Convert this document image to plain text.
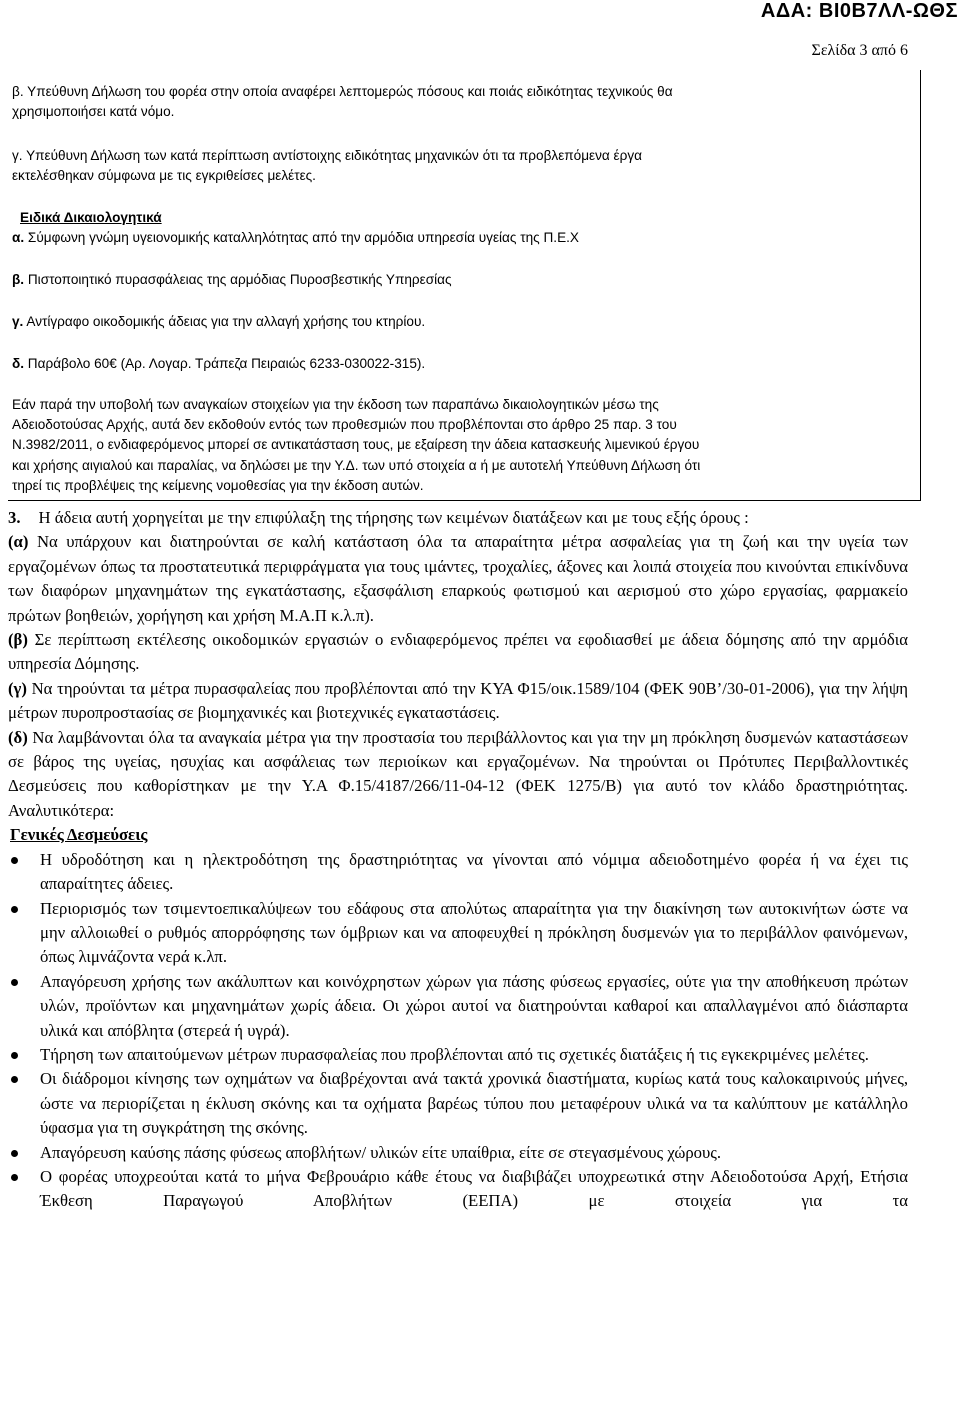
ΑΔΑ: ΒΙ0Β7ΛΛ-ΩΘΣ
Σελίδα 3 από 6

β. Υπεύθυνη Δήλωση του φορέα στην οποία αναφέρει λεπτομερώς πόσους και ποιάς ειδικότητας τεχνικούς θα

χρησιμοποιήσει κατά νόμο.

γ. Υπεύθυνη Δήλωση των κατά περίπτωση αντίστοιχης ειδικότητας μηχανικών ότι τα προβλεπόμενα έργα

εκτελέσθηκαν σύμφωνα με τις εγκριθείσες μελέτες.

Ειδικά Δικαιολογητικά

α. Σύμφωνη γνώμη υγειονομικής καταλληλότητας από την αρμόδια υπηρεσία υγείας της Π.Ε.Χ

β. Πιστοποιητικό πυρασφάλειας της αρμόδιας Πυροσβεστικής Υπηρεσίας

γ. Αντίγραφο οικοδομικής άδειας για την αλλαγή χρήσης του κτηρίου.

δ. Παράβολο 60€ (Αρ. Λογαρ. Τράπεζα Πειραιώς 6233-030022-315).

Εάν παρά την υποβολή των αναγκαίων στοιχείων για την έκδοση των παραπάνω δικαιολογητικών μέσω της

Αδειοδοτούσας Αρχής, αυτά δεν εκδοθούν εντός των προθεσμιών που προβλέπονται στο άρθρο 25 παρ. 3 του

Ν.3982/2011, ο ενδιαφερόμενος μπορεί σε αντικατάσταση τους, με εξαίρεση την άδεια κατασκευής λιμενικού έργου

και χρήσης αιγιαλού και παραλίας, να δηλώσει με την Υ.Δ. των υπό στοιχεία α ή με αυτοτελή Υπεύθυνη Δήλωση ότι

τηρεί τις προβλέψεις της κείμενης νομοθεσίας για την έκδοση αυτών.

3. Η άδεια αυτή χορηγείται με την επιφύλαξη της τήρησης των κειμένων διατάξεων και με τους εξής όρους :
(α) Να υπάρχουν και διατηρούνται σε καλή κατάσταση όλα τα απαραίτητα μέτρα ασφαλείας για τη ζωή και την υγεία των εργαζομένων όπως τα προστατευτικά περιφράγματα για τους ιμάντες, τροχαλίες, άξονες και λοιπά στοιχεία που κινούνται επικίνδυνα των διαφόρων μηχανημάτων της εγκατάστασης, εξασφάλιση επαρκούς φωτισμού και αερισμού στο χώρο εργασίας, φαρμακείο πρώτων βοηθειών, χορήγηση και χρήση Μ.Α.Π κ.λ.π).
(β) Σε περίπτωση εκτέλεσης οικοδομικών εργασιών ο ενδιαφερόμενος πρέπει να εφοδιασθεί με άδεια δόμησης από την αρμόδια υπηρεσία Δόμησης.
(γ) Να τηρούνται τα μέτρα πυρασφαλείας που προβλέπονται από την ΚΥΑ Φ15/οικ.1589/104 (ΦΕΚ 90Β’/30-01-2006), για την λήψη μέτρων πυροπροστασίας σε βιομηχανικές και βιοτεχνικές εγκαταστάσεις.
(δ) Να λαμβάνονται όλα τα αναγκαία μέτρα για την προστασία του περιβάλλοντος και για την μη πρόκληση δυσμενών καταστάσεων σε βάρος της υγείας, ησυχίας και ασφάλειας των περιοίκων και εργαζομένων. Να τηρούνται οι Πρότυπες Περιβαλλοντικές Δεσμεύσεις που καθορίστηκαν με την Υ.Α Φ.15/4187/266/11-04-12 (ΦΕΚ 1275/Β) για αυτό τον κλάδο δραστηριότητας. Αναλυτικότερα:
Γενικές Δεσμεύσεις
Η υδροδότηση και η ηλεκτροδότηση της δραστηριότητας να γίνονται από νόμιμα αδειοδοτημένο φορέα ή να έχει τις απαραίτητες άδειες.
Περιορισμός των τσιμεντοεπικαλύψεων του εδάφους στα απολύτως απαραίτητα για την διακίνηση των αυτοκινήτων ώστε να μην αλλοιωθεί ο ρυθμός απορρόφησης των όμβριων και να αποφευχθεί η πρόκληση δυσμενών για το περιβάλλον φαινόμενων, όπως λιμνάζοντα νερά κ.λπ.
Απαγόρευση χρήσης των ακάλυπτων και κοινόχρηστων χώρων για πάσης φύσεως εργασίες, ούτε για την αποθήκευση πρώτων υλών, προϊόντων και μηχανημάτων χωρίς άδεια. Οι χώροι αυτοί να διατηρούνται καθαροί και απαλλαγμένοι από διάσπαρτα υλικά και απόβλητα (στερεά ή υγρά).
Τήρηση των απαιτούμενων μέτρων πυρασφαλείας που προβλέπονται από τις σχετικές διατάξεις ή τις εγκεκριμένες μελέτες.
Οι διάδρομοι κίνησης των οχημάτων να διαβρέχονται ανά τακτά χρονικά διαστήματα, κυρίως κατά τους καλοκαιρινούς μήνες, ώστε να περιορίζεται η έκλυση σκόνης και τα οχήματα βαρέως τύπου που μεταφέρουν υλικά να τα καλύπτουν με κατάλληλο ύφασμα για τη συγκράτηση της σκόνης.
Απαγόρευση καύσης πάσης φύσεως αποβλήτων/ υλικών είτε υπαίθρια, είτε σε στεγασμένους χώρους.
Ο φορέας υποχρεούται κατά το μήνα Φεβρουάριο κάθε έτους να διαβιβάζει υποχρεωτικά στην Αδειοδοτούσα Αρχή, Ετήσια Έκθεση Παραγωγού Αποβλήτων (ΕΕΠΑ) με στοιχεία για τα
